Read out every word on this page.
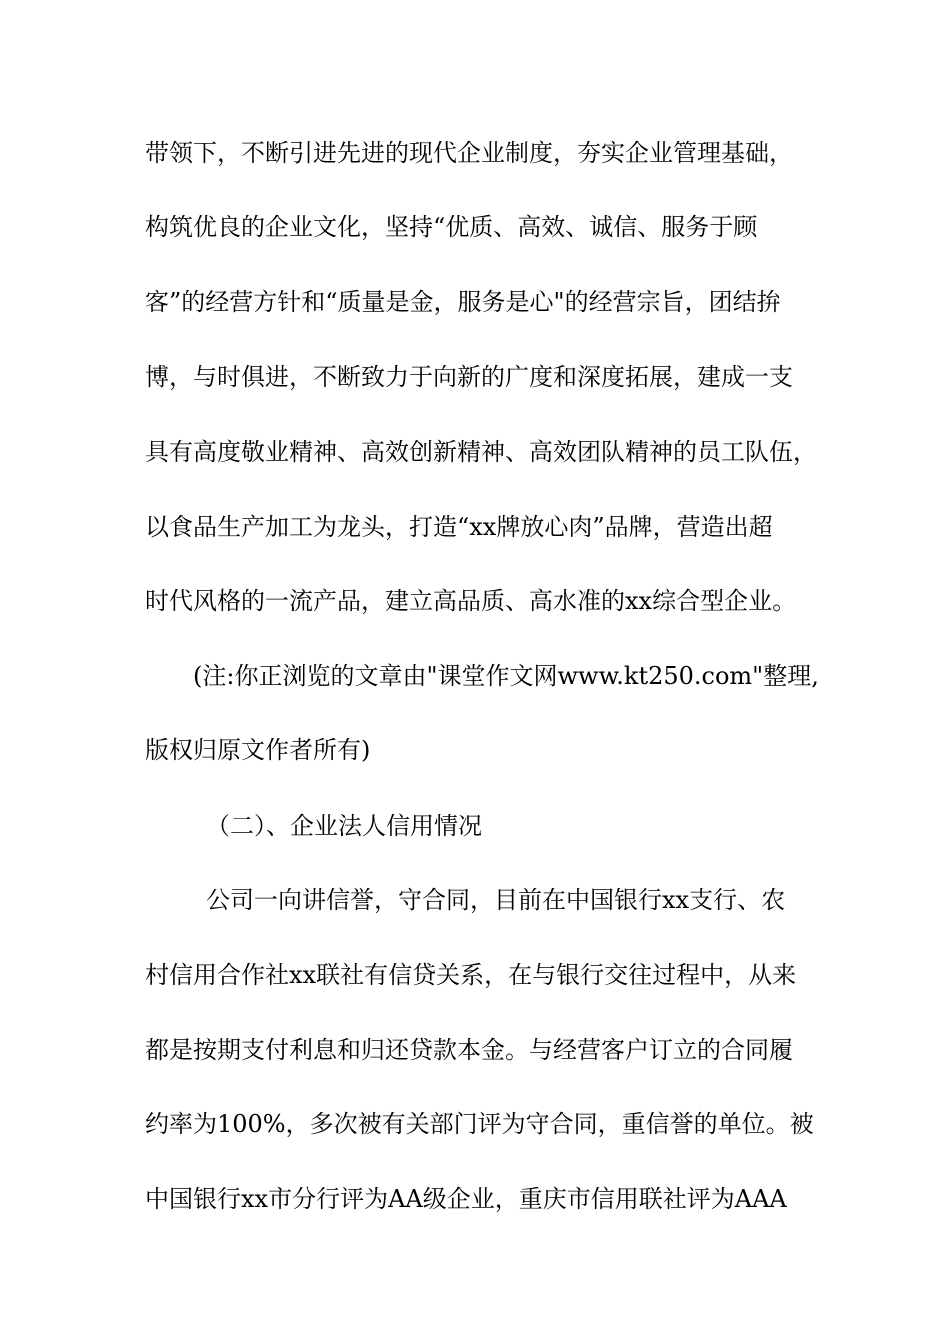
带领下，不断引进先进的现代企业制度，夯实企业管理基础，
构筑优良的企业文化，坚持“优质、高效、诚信、服务于顾
客”的经营方针和“质量是金，服务是心"的经营宗旨，团结拚
博，与时俱进，不断致力于向新的广度和深度拓展，建成一支
具有高度敬业精神、高效创新精神、高效团队精神的员工队伍，
以食品生产加工为龙头，打造“xx牌放心肉”品牌，营造出超
时代风格的一流产品，建立高品质、高水准的xx综合型企业。
(注:你正浏览的文章由"课堂作文网www.kt250.com"整理,
版权归原文作者所有)
（二）、企业法人信用情况
公司一向讲信誉，守合同，目前在中国银行xx支行、农
村信用合作社xx联社有信贷关系，在与银行交往过程中，从来
都是按期支付利息和归还贷款本金。与经营客户订立的合同履
约率为100%，多次被有关部门评为守合同，重信誉的单位。被
中国银行xx市分行评为AA级企业，重庆市信用联社评为AAA
